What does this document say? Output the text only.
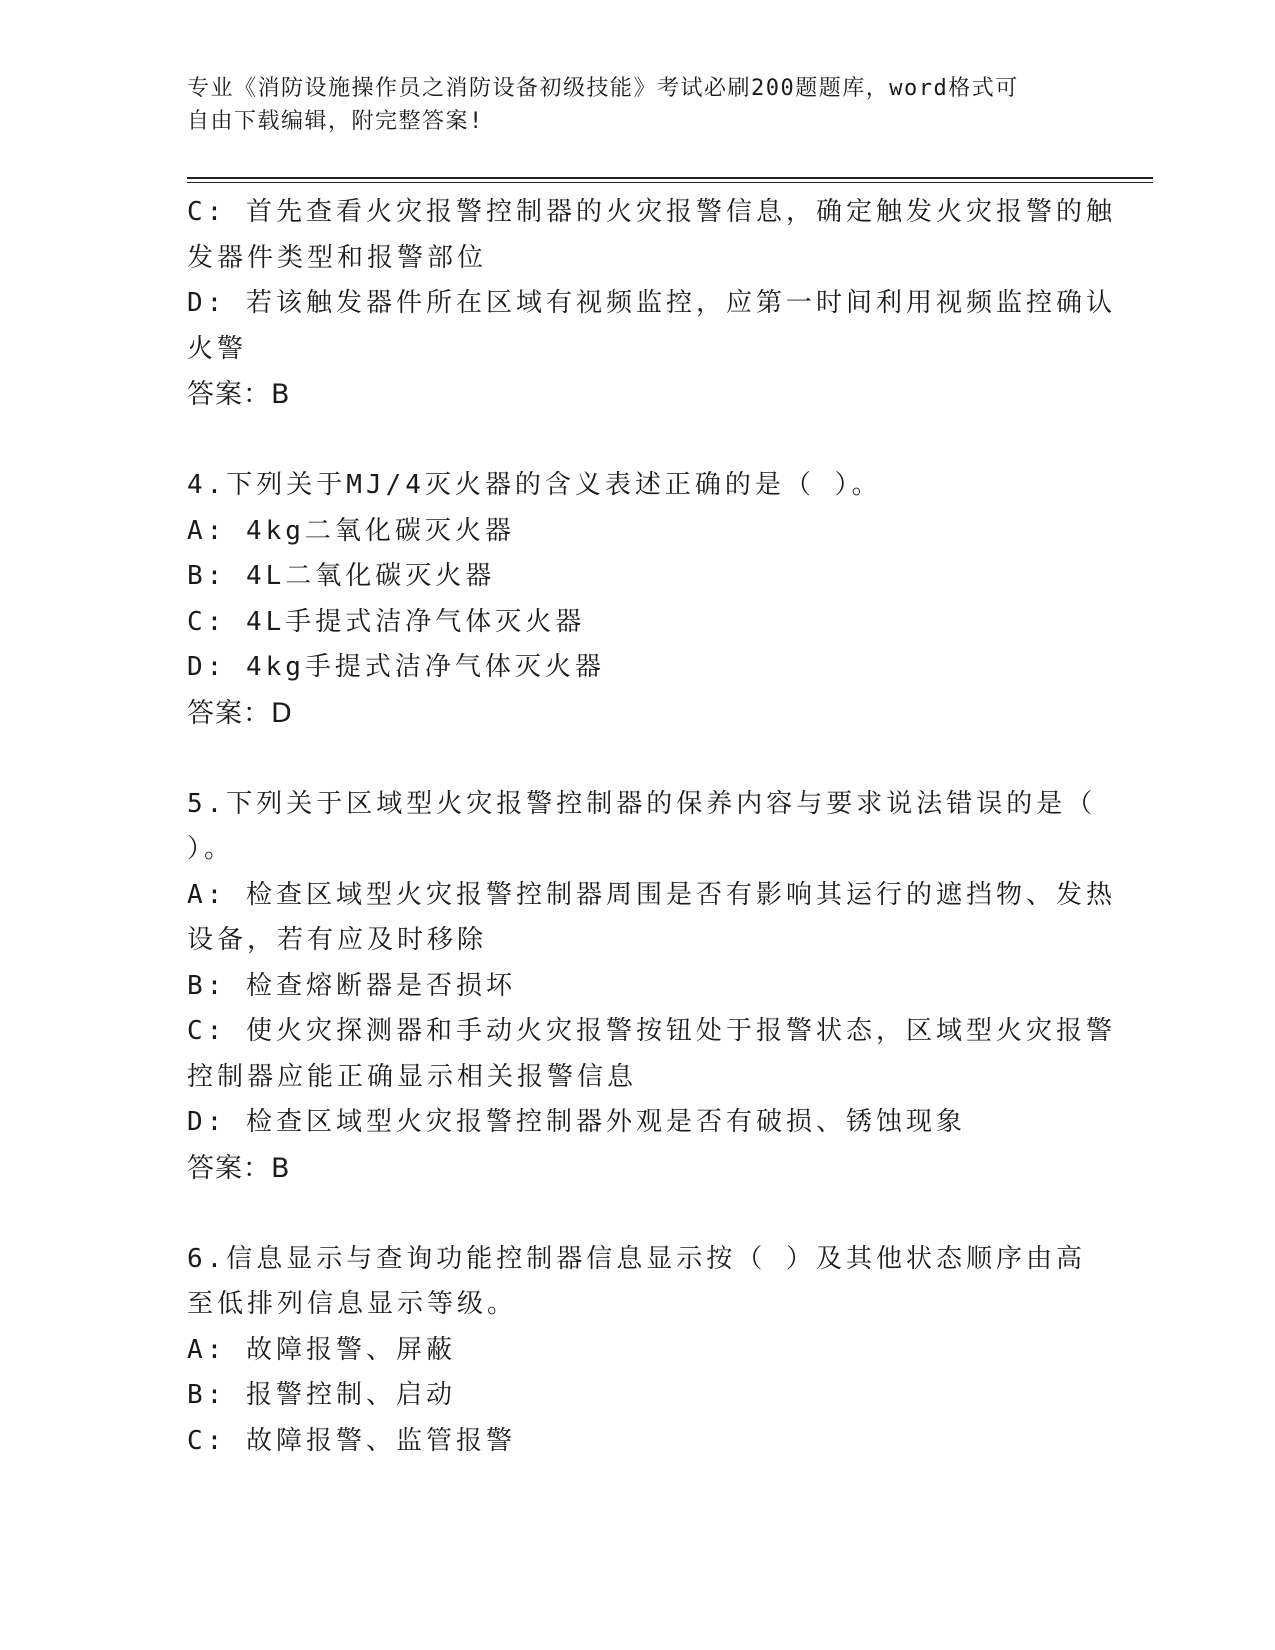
专业《消防设施操作员之消防设备初级技能》考试必刷200题题库，word格式可
自由下载编辑，附完整答案!
C: 首先查看火灾报警控制器的火灾报警信息，确定触发火灾报警的触
发器件类型和报警部位
D: 若该触发器件所在区域有视频监控，应第一时间利用视频监控确认
火警
答案：B
4.下列关于MJ/4灭火器的含义表述正确的是（ ）。
A: 4kg二氧化碳灭火器
B: 4L二氧化碳灭火器
C: 4L手提式洁净气体灭火器
D: 4kg手提式洁净气体灭火器
答案：D
5.下列关于区域型火灾报警控制器的保养内容与要求说法错误的是（
）。
A: 检查区域型火灾报警控制器周围是否有影响其运行的遮挡物、发热
设备，若有应及时移除
B: 检查熔断器是否损坏
C: 使火灾探测器和手动火灾报警按钮处于报警状态，区域型火灾报警
控制器应能正确显示相关报警信息
D: 检查区域型火灾报警控制器外观是否有破损、锈蚀现象
答案：B
6.信息显示与查询功能控制器信息显示按（ ）及其他状态顺序由高
至低排列信息显示等级。
A: 故障报警、屏蔽
B: 报警控制、启动
C: 故障报警、监管报警
